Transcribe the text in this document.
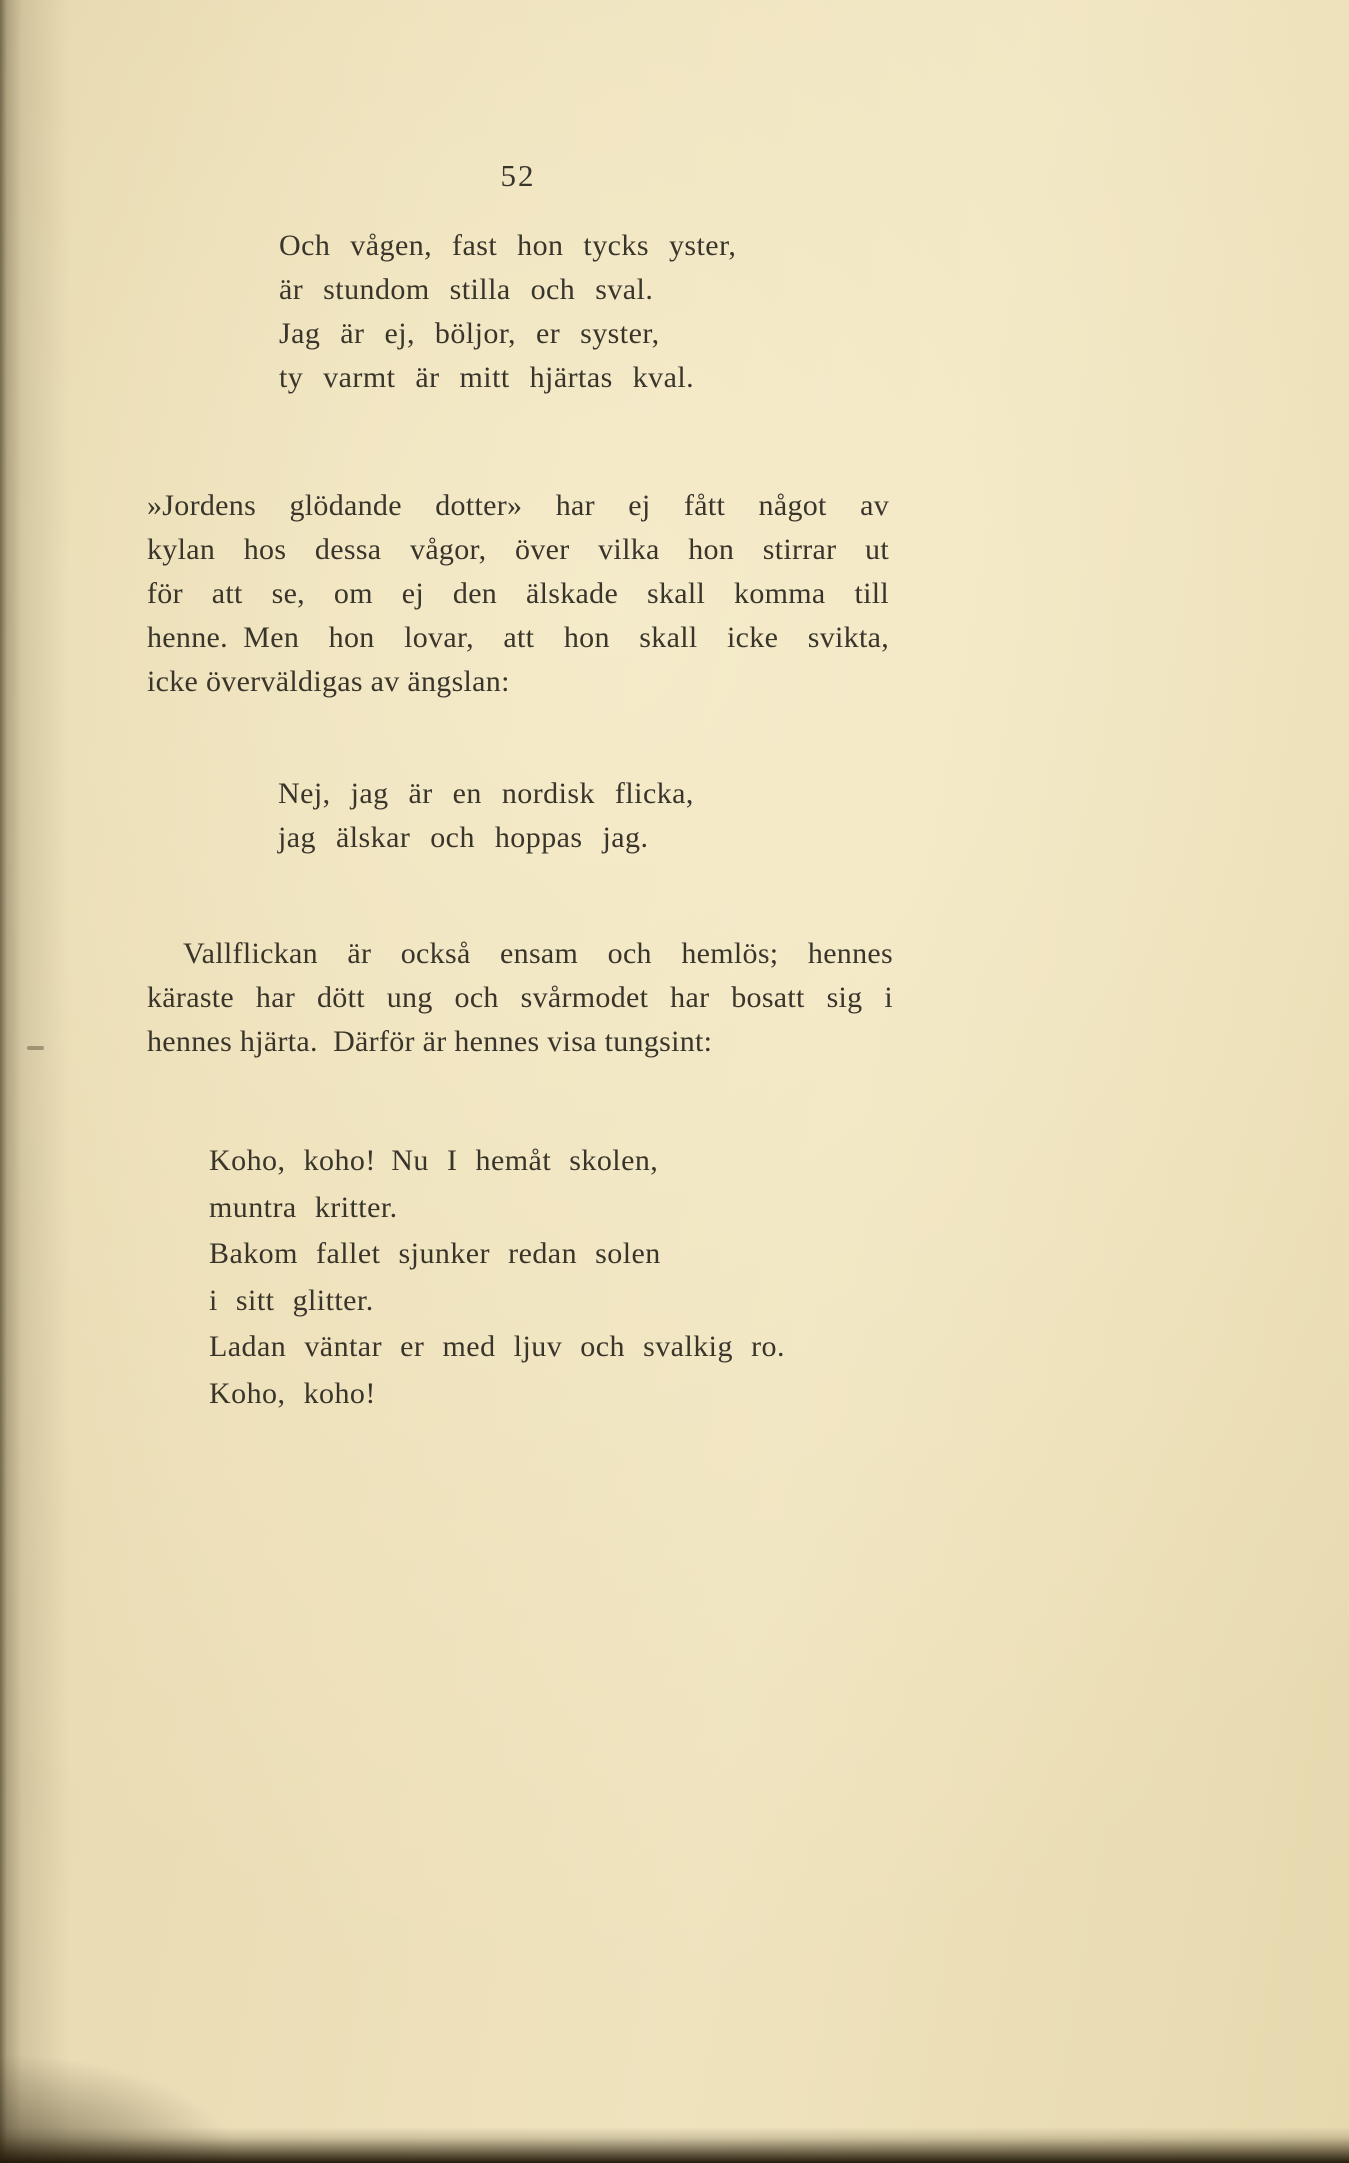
52
Och vågen, fast hon tycks yster,
är stundom stilla och sval.
Jag är ej, böljor, er syster,
ty varmt är mitt hjärtas kval.
»Jordens glödande dotter» har ej fått något av
kylan hos dessa vågor, över vilka hon stirrar ut
för att se, om ej den älskade skall komma till
henne. Men hon lovar, att hon skall icke svikta,
icke överväldigas av ängslan:
Nej, jag är en nordisk flicka,
jag älskar och hoppas jag.
Vallflickan är också ensam och hemlös; hennes
käraste har dött ung och svårmodet har bosatt sig i
hennes hjärta. Därför är hennes visa tungsint:
Koho, koho! Nu I hemåt skolen,
muntra kritter.
Bakom fallet sjunker redan solen
i sitt glitter.
Ladan väntar er med ljuv och svalkig ro.
Koho, koho!
